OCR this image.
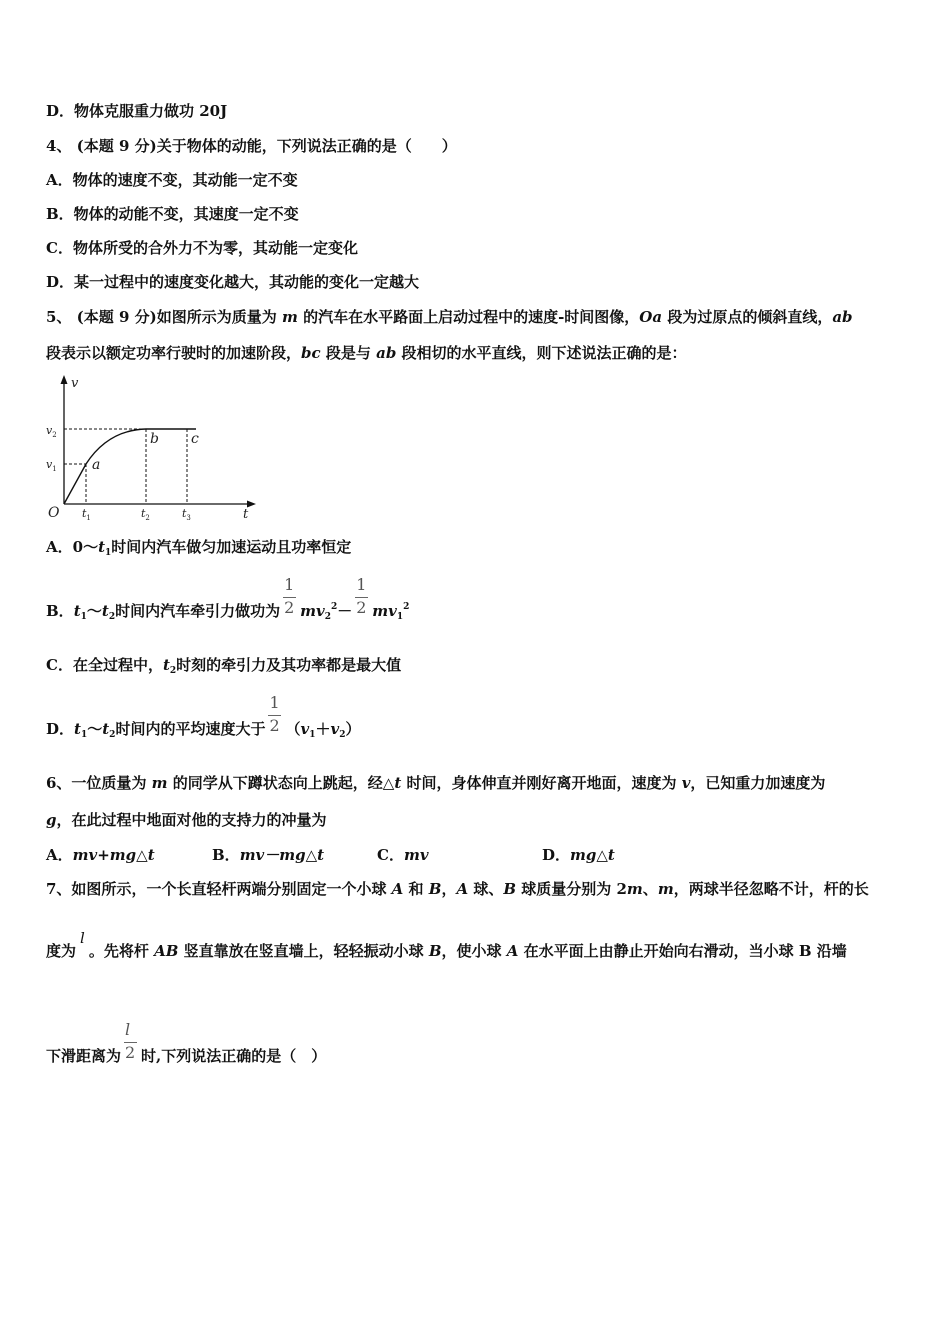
D．物体克服重力做功 20J
4、 (本题 9 分)关于物体的动能，下列说法正确的是（　　）
A．物体的速度不变，其动能一定不变
B．物体的动能不变，其速度一定不变
C．物体所受的合外力不为零，其动能一定变化
D．某一过程中的速度变化越大，其动能的变化一定越大
5、 (本题 9 分)如图所示为质量为 m 的汽车在水平路面上启动过程中的速度-时间图像，Oa 段为过原点的倾斜直线，ab
段表示以额定功率行驶时的加速阶段，bc 段是与 ab 段相切的水平直线，则下述说法正确的是：
v
t
O
$v_2$
$v_1$
$t_1$	$t_2$	$t_3$
a
b c
A．$0\sim t_1$时间内汽车做匀加速运动且功率恒定
B．$t_1\sim t_2$时间内汽车牵引力做功为 $\frac{1}{2} mv_2^2- \frac{1}{2} mv_1^2$
C．在全过程中，$t_2$时刻的牵引力及其功率都是最大值
D．$t_1\sim t_2$时间内的平均速度大于 $\frac{1}{2} (v_1+v_2)$
6、一位质量为 m 的同学从下蹲状态向上跳起，经△t 时间，身体伸直并刚好离开地面，速度为 v，已知重力加速度为
g，在此过程中地面对他的支持力的冲量为
A．mv+mg△t	B．mv－mg△t	C．mv	D．mg△t
7、如图所示，一个长直轻杆两端分别固定一个小球 A 和 B，A 球、B 球质量分别为 2m、m，两球半径忽略不计，杆的长
度为l。先将杆 AB 竖直靠放在竖直墙上，轻轻振动小球 B，使小球 A 在水平面上由静止开始向右滑动，当小球 B 沿墙
下滑距离为 $\frac{l}{2}$ 时,下列说法正确的是（　）
